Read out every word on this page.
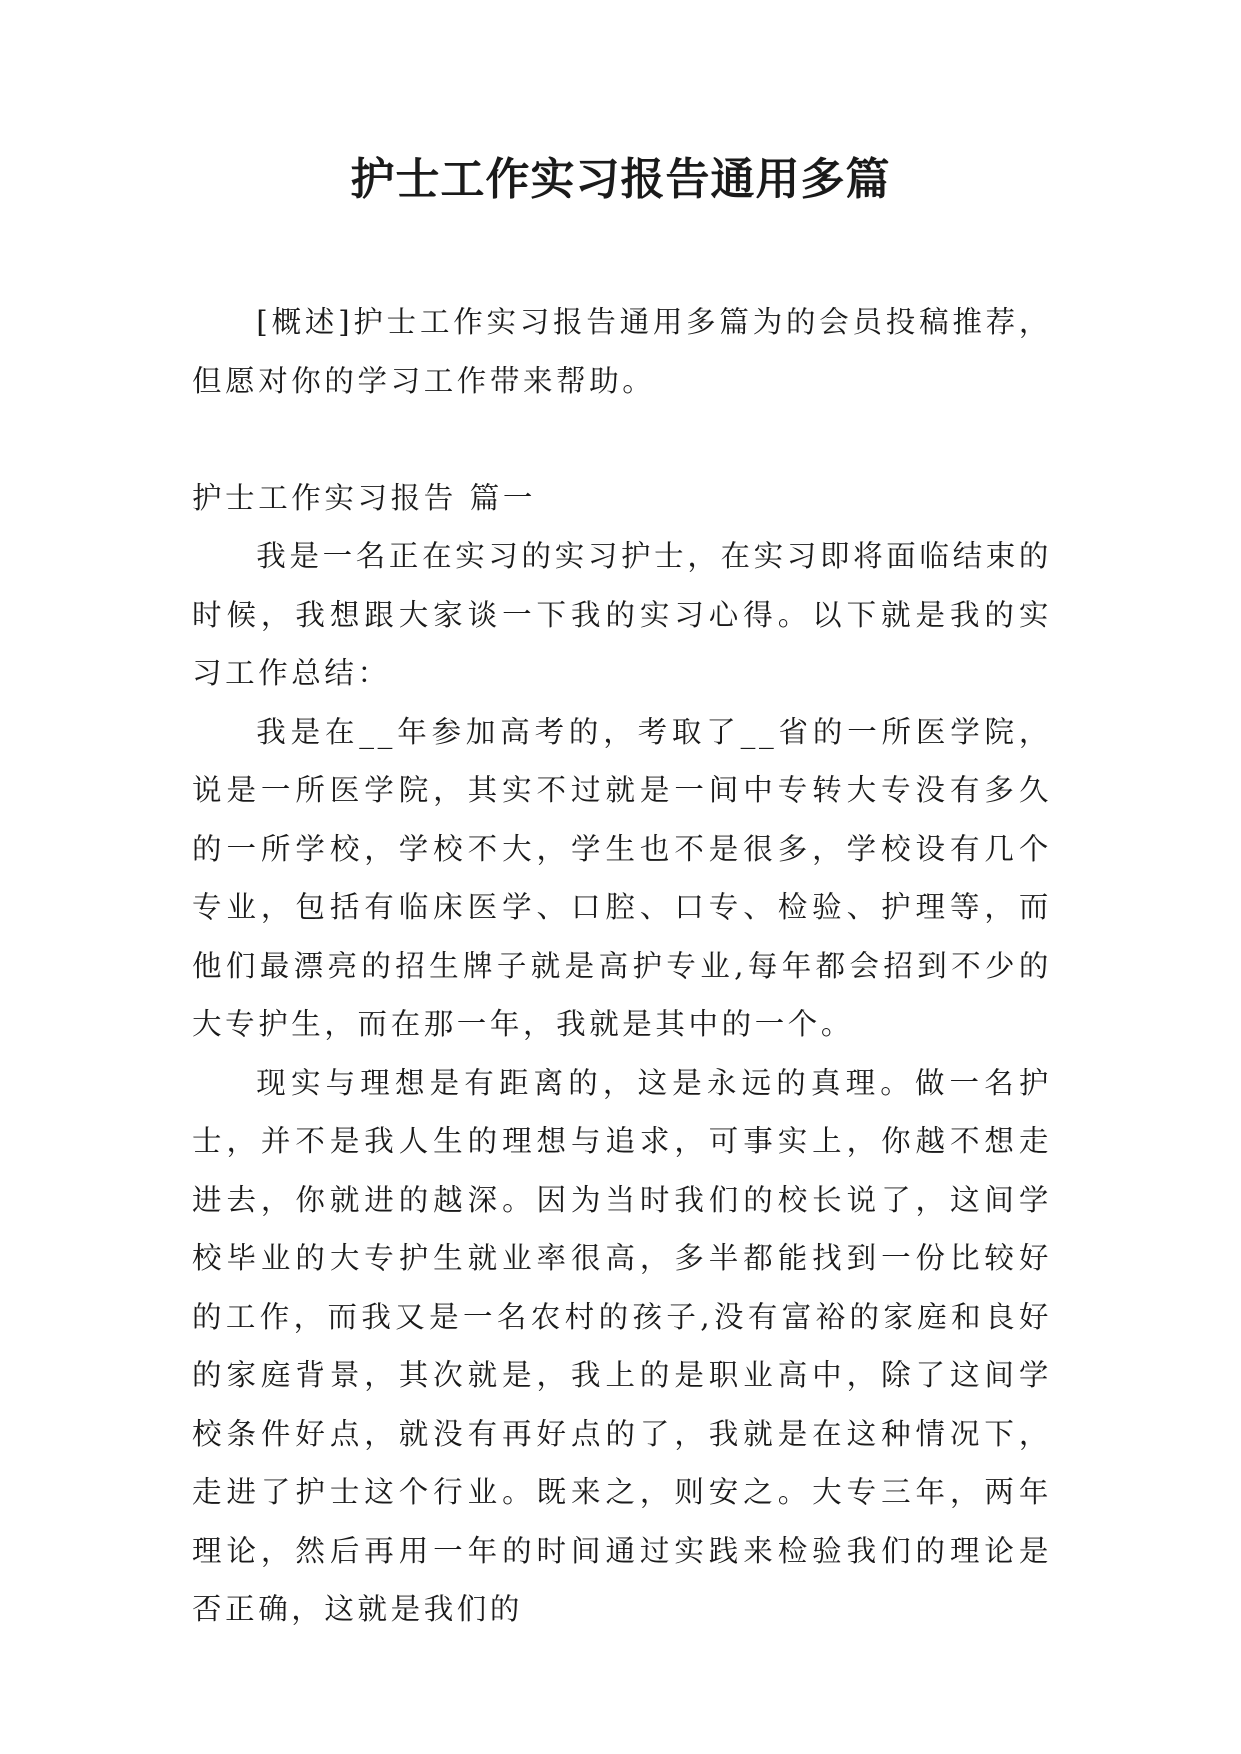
护士工作实习报告通用多篇

[概述]护士工作实习报告通用多篇为的会员投稿推荐，但愿对你的学习工作带来帮助。

护士工作实习报告 篇一

我是一名正在实习的实习护士，在实习即将面临结束的时候，我想跟大家谈一下我的实习心得。以下就是我的实习工作总结：

我是在__年参加高考的，考取了__省的一所医学院，说是一所医学院，其实不过就是一间中专转大专没有多久的一所学校，学校不大，学生也不是很多，学校设有几个专业，包括有临床医学、口腔、口专、检验、护理等，而他们最漂亮的招生牌子就是高护专业,每年都会招到不少的大专护生，而在那一年，我就是其中的一个。

现实与理想是有距离的，这是永远的真理。做一名护士，并不是我人生的理想与追求，可事实上，你越不想走进去，你就进的越深。因为当时我们的校长说了，这间学校毕业的大专护生就业率很高，多半都能找到一份比较好的工作，而我又是一名农村的孩子,没有富裕的家庭和良好的家庭背景，其次就是，我上的是职业高中，除了这间学校条件好点，就没有再好点的了，我就是在这种情况下，走进了护士这个行业。既来之，则安之。大专三年，两年理论，然后再用一年的时间通过实践来检验我们的理论是否正确，这就是我们的
